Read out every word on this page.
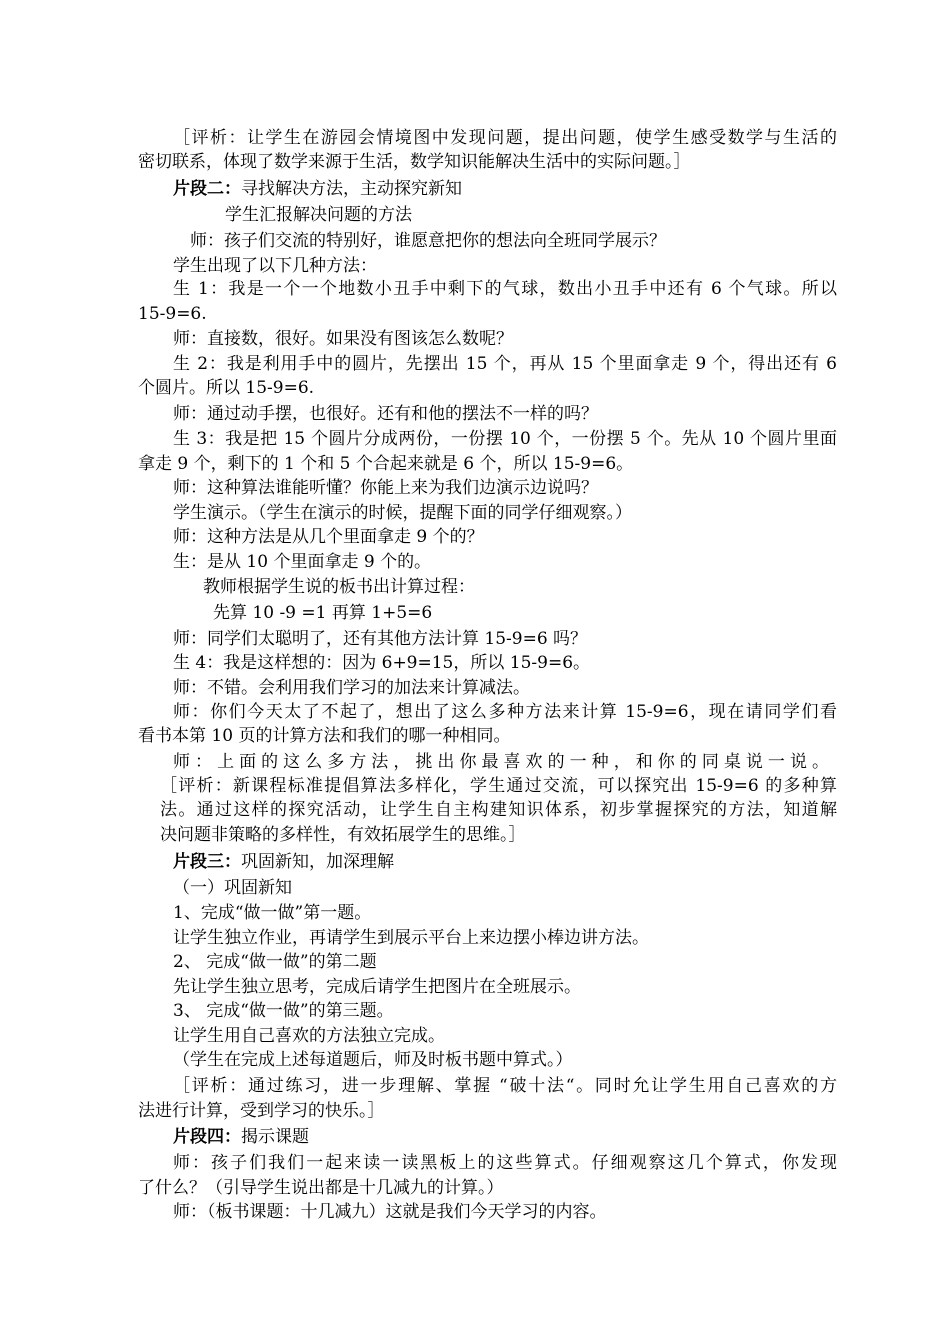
［评析：让学生在游园会情境图中发现问题，提出问题，使学生感受数学与生活的
密切联系，体现了数学来源于生活，数学知识能解决生活中的实际问题。］
片段二：寻找解决方法，主动探究新知
学生汇报解决问题的方法
师：孩子们交流的特别好，谁愿意把你的想法向全班同学展示？
学生出现了以下几种方法：
生 1：我是一个一个地数小丑手中剩下的气球，数出小丑手中还有 6 个气球。所以
15-9=6.
师：直接数，很好。如果没有图该怎么数呢？
生 2：我是利用手中的圆片，先摆出 15 个，再从 15 个里面拿走 9 个，得出还有 6
个圆片。所以 15-9=6.
师：通过动手摆，也很好。还有和他的摆法不一样的吗？
生 3：我是把 15 个圆片分成两份，一份摆 10 个，一份摆 5 个。先从 10 个圆片里面
拿走 9 个，剩下的 1 个和 5 个合起来就是 6 个，所以 15-9=6。
师：这种算法谁能听懂？你能上来为我们边演示边说吗？
学生演示。（学生在演示的时候，提醒下面的同学仔细观察。）
师：这种方法是从几个里面拿走 9 个的？
生：是从 10 个里面拿走 9 个的。
教师根据学生说的板书出计算过程：
先算 10 -9 =1 再算 1+5=6
师：同学们太聪明了，还有其他方法计算 15-9=6 吗？
生 4：我是这样想的：因为 6+9=15，所以 15-9=6。
师：不错。会利用我们学习的加法来计算减法。
师：你们今天太了不起了，想出了这么多种方法来计算 15-9=6，现在请同学们看
看书本第 10 页的计算方法和我们的哪一种相同。
师：上面的这么多方法，挑出你最喜欢的一种，和你的同桌说一说。
［评析：新课程标准提倡算法多样化，学生通过交流，可以探究出 15-9=6 的多种算
法。通过这样的探究活动，让学生自主构建知识体系，初步掌握探究的方法，知道解
决问题非策略的多样性，有效拓展学生的思维。］
片段三：巩固新知，加深理解
（一）巩固新知
1、完成“做一做”第一题。
让学生独立作业，再请学生到展示平台上来边摆小棒边讲方法。
2、 完成“做一做”的第二题
先让学生独立思考，完成后请学生把图片在全班展示。
3、 完成“做一做”的第三题。
让学生用自己喜欢的方法独立完成。
（学生在完成上述每道题后，师及时板书题中算式。）
［评析：通过练习，进一步理解、掌握 “破十法“。同时允让学生用自己喜欢的方
法进行计算，受到学习的快乐。］
片段四：揭示课题
师：孩子们我们一起来读一读黑板上的这些算式。仔细观察这几个算式，你发现
了什么？（引导学生说出都是十几减九的计算。）
师：（板书课题：十几减九）这就是我们今天学习的内容。
